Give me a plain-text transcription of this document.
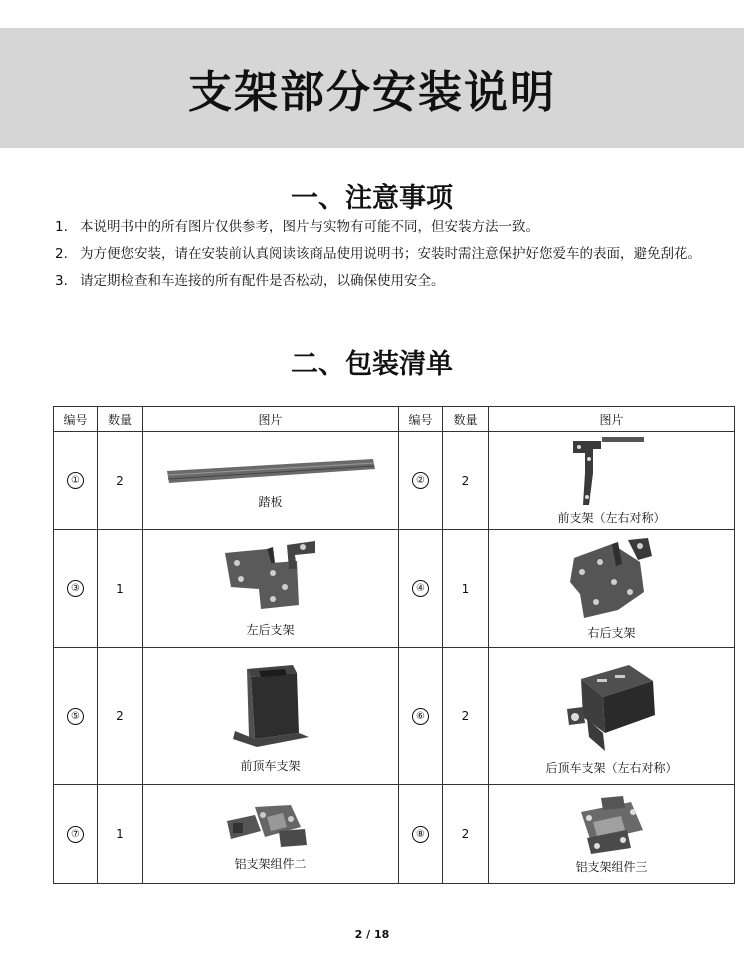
支架部分安装说明
一、注意事项
1. 本说明书中的所有图片仅供参考，图片与实物有可能不同，但安装方法一致。
2. 为方便您安装，请在安装前认真阅读该商品使用说明书；安装时需注意保护好您爱车的表面，避免刮花。
3. 请定期检查和车连接的所有配件是否松动，以确保使用安全。
二、包装清单
编号	数量	图片	编号	数量	图片
①	2	踏板	②	2	前支架（左右对称）

③	1	左后支架	④	1	右后支架

⑤	2	前顶车支架	⑥	2	后顶车支架（左右对称）

⑦	1	铝支架组件二	⑧	2	铝支架组件三
2 / 18
